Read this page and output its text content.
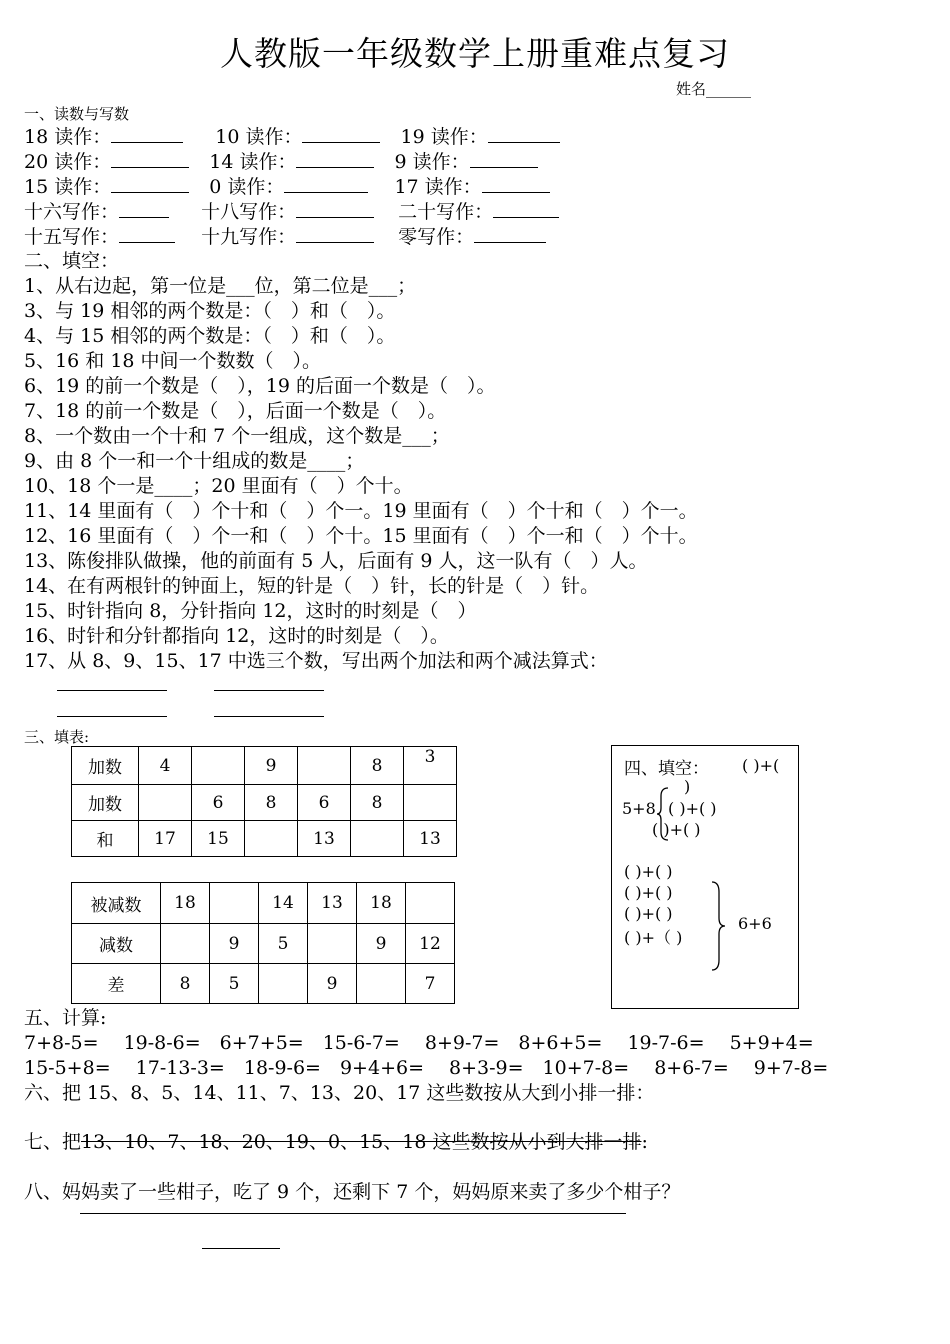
人教版一年级数学上册重难点复习
姓名______
一、读数与写数
18 读作：	10 读作：	19 读作：
20 读作：	14 读作：	9 读作：
15 读作：	0 读作：	17 读作：
十六写作：	十八写作：	二十写作：
十五写作：	十九写作：	零写作：
二、填空：
1、从右边起，第一位是___位，第二位是___；
3、与 19 相邻的两个数是：（　）和（　）。
4、与 15 相邻的两个数是：（　）和（　）。
5、16 和 18 中间一个数数（　）。
6、19 的前一个数是（　），19 的后面一个数是（　）。
7、18 的前一个数是（　），后面一个数是（　）。
8、一个数由一个十和 7 个一组成，这个数是___；
9、由 8 个一和一个十组成的数是____；
10、18 个一是____；20 里面有（　）个十。
11、14 里面有（　）个十和（　）个一。19 里面有（　）个十和（　）个一。
12、16 里面有（　）个一和（　）个十。15 里面有（　）个一和（　）个十。
13、陈俊排队做操，他的前面有 5 人，后面有 9 人，这一队有（　）人。
14、在有两根针的钟面上，短的针是（　）针，长的针是（　）针。
15、时针指向 8，分针指向 12，这时的时刻是（　）
16、时针和分针都指向 12，这时的时刻是（　）。
17、从 8、9、15、17 中选三个数，写出两个加法和两个减法算式：
三、填表:
加数	4		9		8	3
加数		6	8	6	8	
和	17	15		13		13
被减数	18		14	13	18	
减数		9	5		9	12
差	8	5		9		7
四、填空： ( )+(
)
5+8 ( )+( )
( )+( )
( )+( )
( )+( )
( )+( )
( )+（ )
6+6
五、计算:
7+8-5=　 19-8-6=　6+7+5=　15-6-7=　 8+9-7=　8+6+5=　 19-7-6=　 5+9+4=
15-5+8=　 17-13-3=　18-9-6=　9+4+6=　 8+3-9=　10+7-8=　 8+6-7=　 9+7-8=
六、把 15、8、5、14、11、7、13、20、17 这些数按从大到小排一排：
七、把13、10、7、18、20、19、0、15、18 这些数按从小到大排一排:
八、妈妈卖了一些柑子，吃了 9 个，还剩下 7 个，妈妈原来卖了多少个柑子？
